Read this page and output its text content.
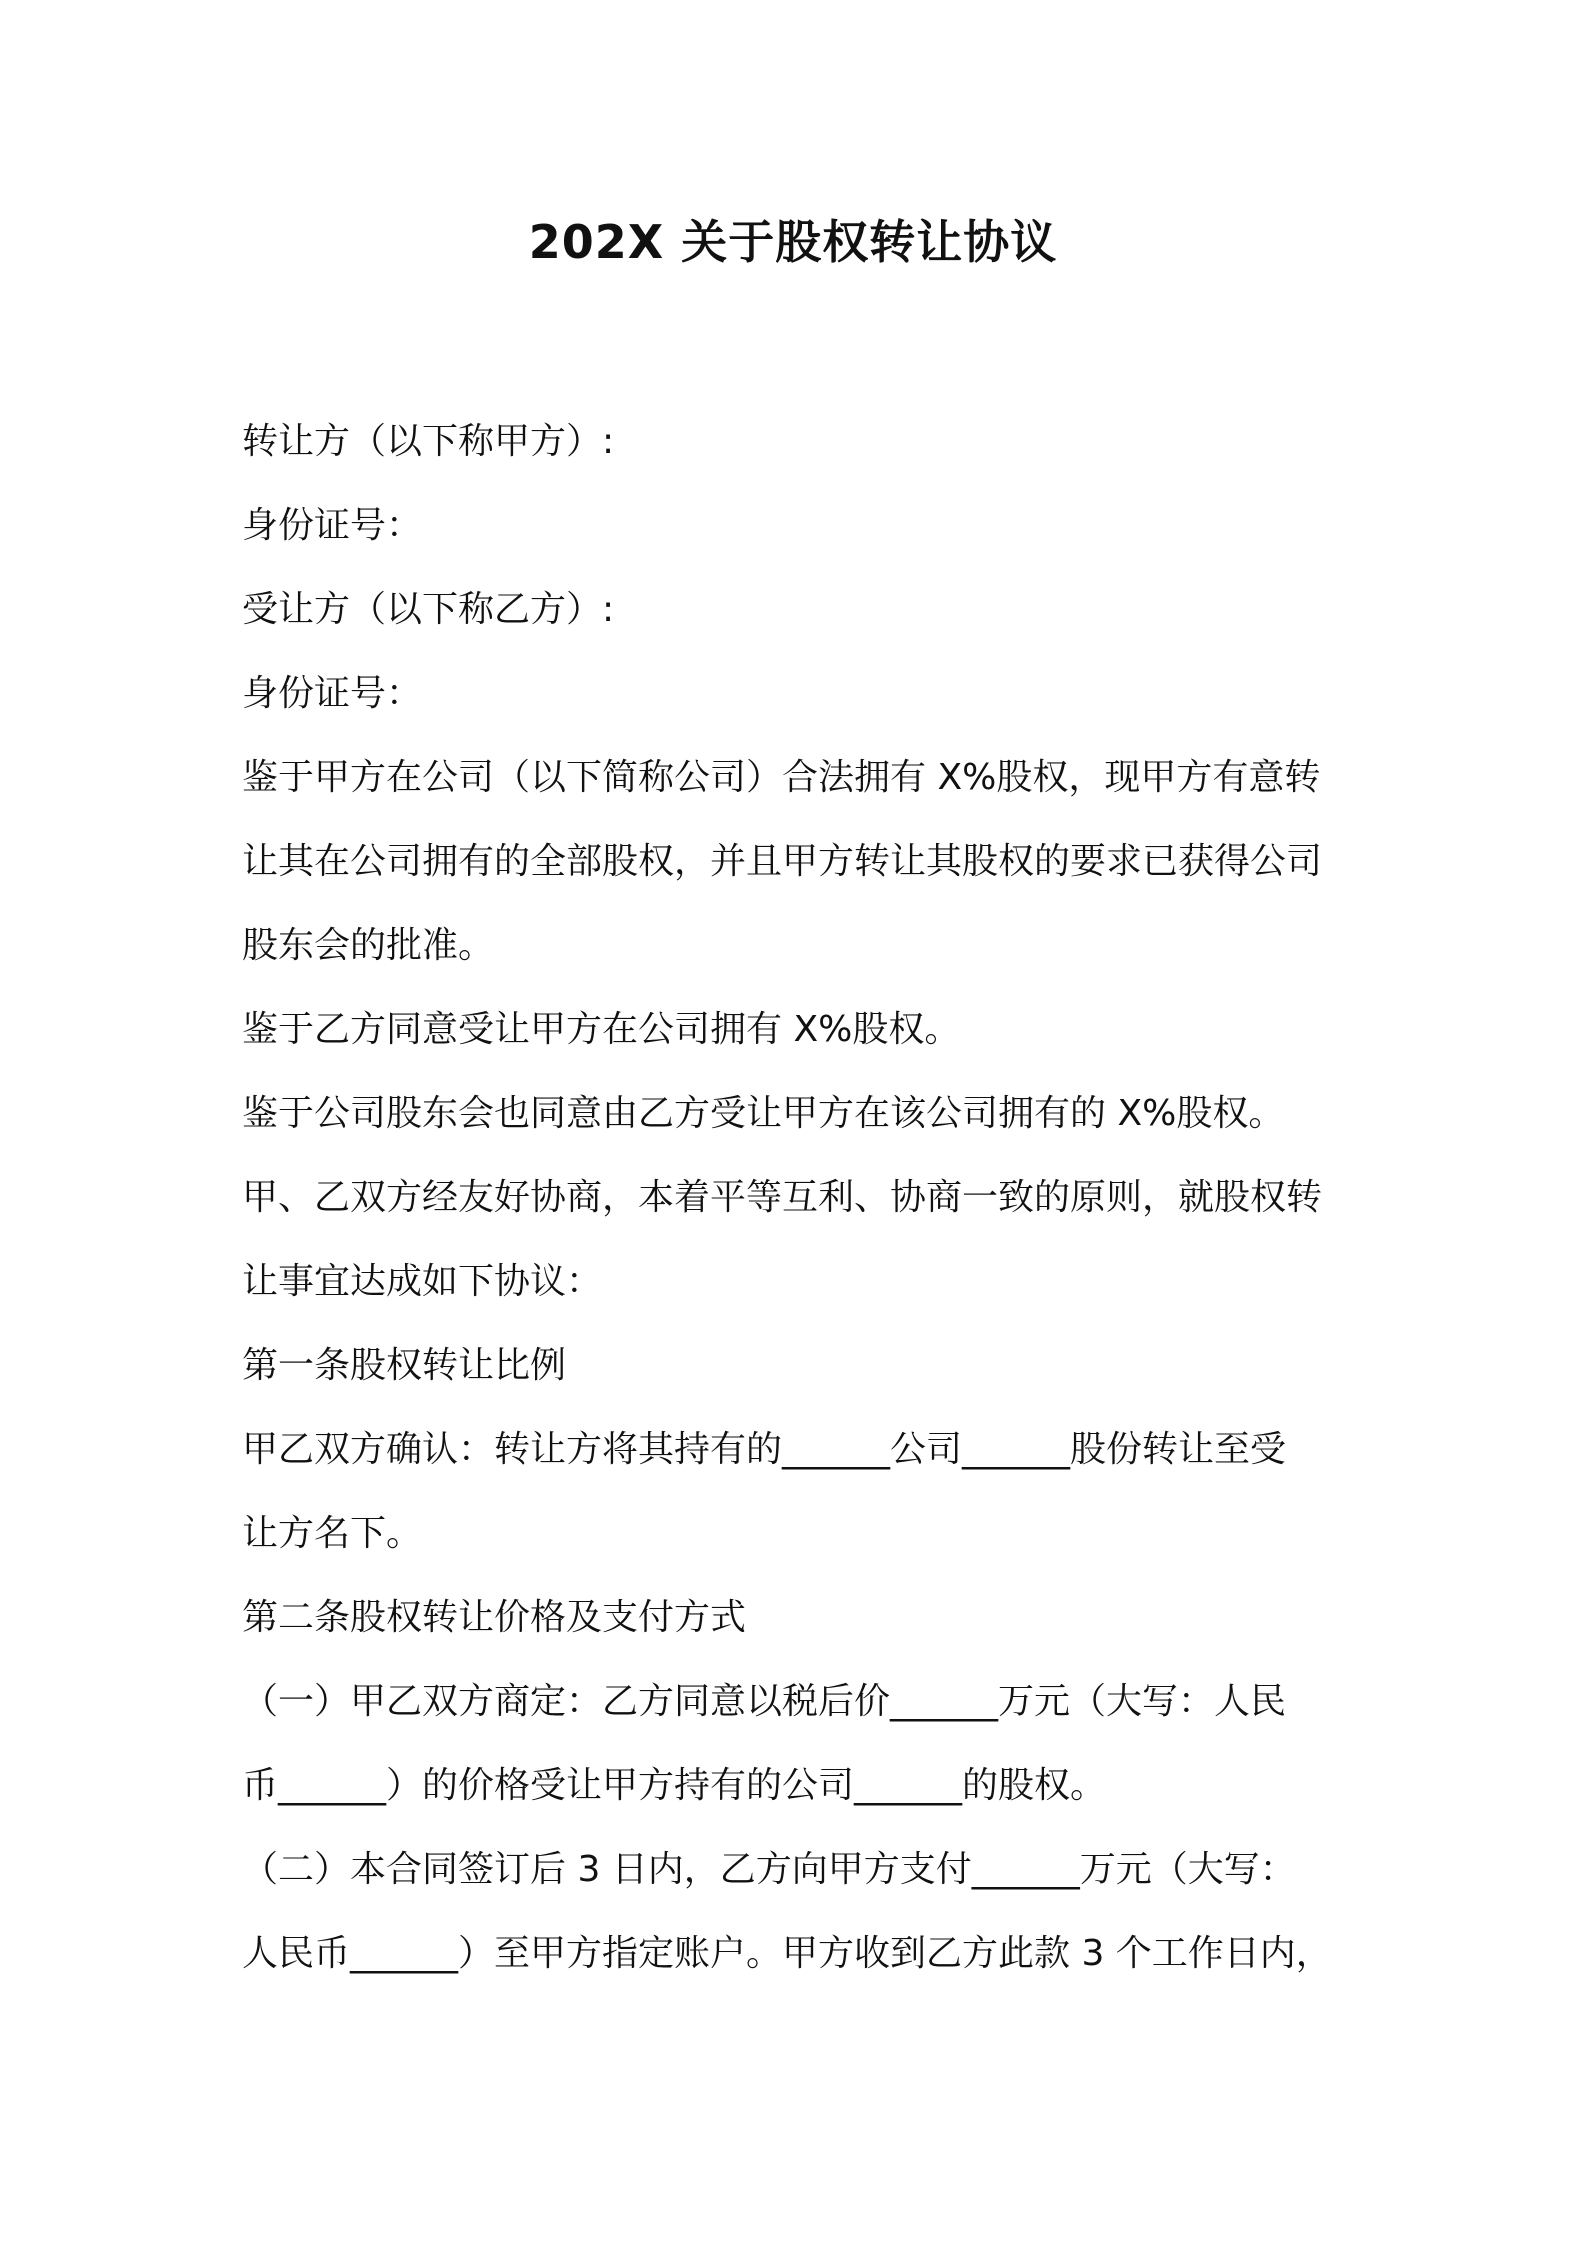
202X 关于股权转让协议

转让方（以下称甲方）:

身份证号：

受让方（以下称乙方）:

身份证号：

鉴于甲方在公司（以下简称公司）合法拥有 X%股权，现甲方有意转

让其在公司拥有的全部股权，并且甲方转让其股权的要求已获得公司

股东会的批准。

鉴于乙方同意受让甲方在公司拥有 X%股权。

鉴于公司股东会也同意由乙方受让甲方在该公司拥有的 X%股权。

甲、乙双方经友好协商，本着平等互利、协商一致的原则，就股权转

让事宜达成如下协议：

第一条股权转让比例

甲乙双方确认：转让方将其持有的______公司______股份转让至受

让方名下。

第二条股权转让价格及支付方式

（一）甲乙双方商定：乙方同意以税后价______万元（大写：人民

币______）的价格受让甲方持有的公司______的股权。

（二）本合同签订后 3 日内，乙方向甲方支付______万元（大写：

人民币______）至甲方指定账户。甲方收到乙方此款 3 个工作日内，
